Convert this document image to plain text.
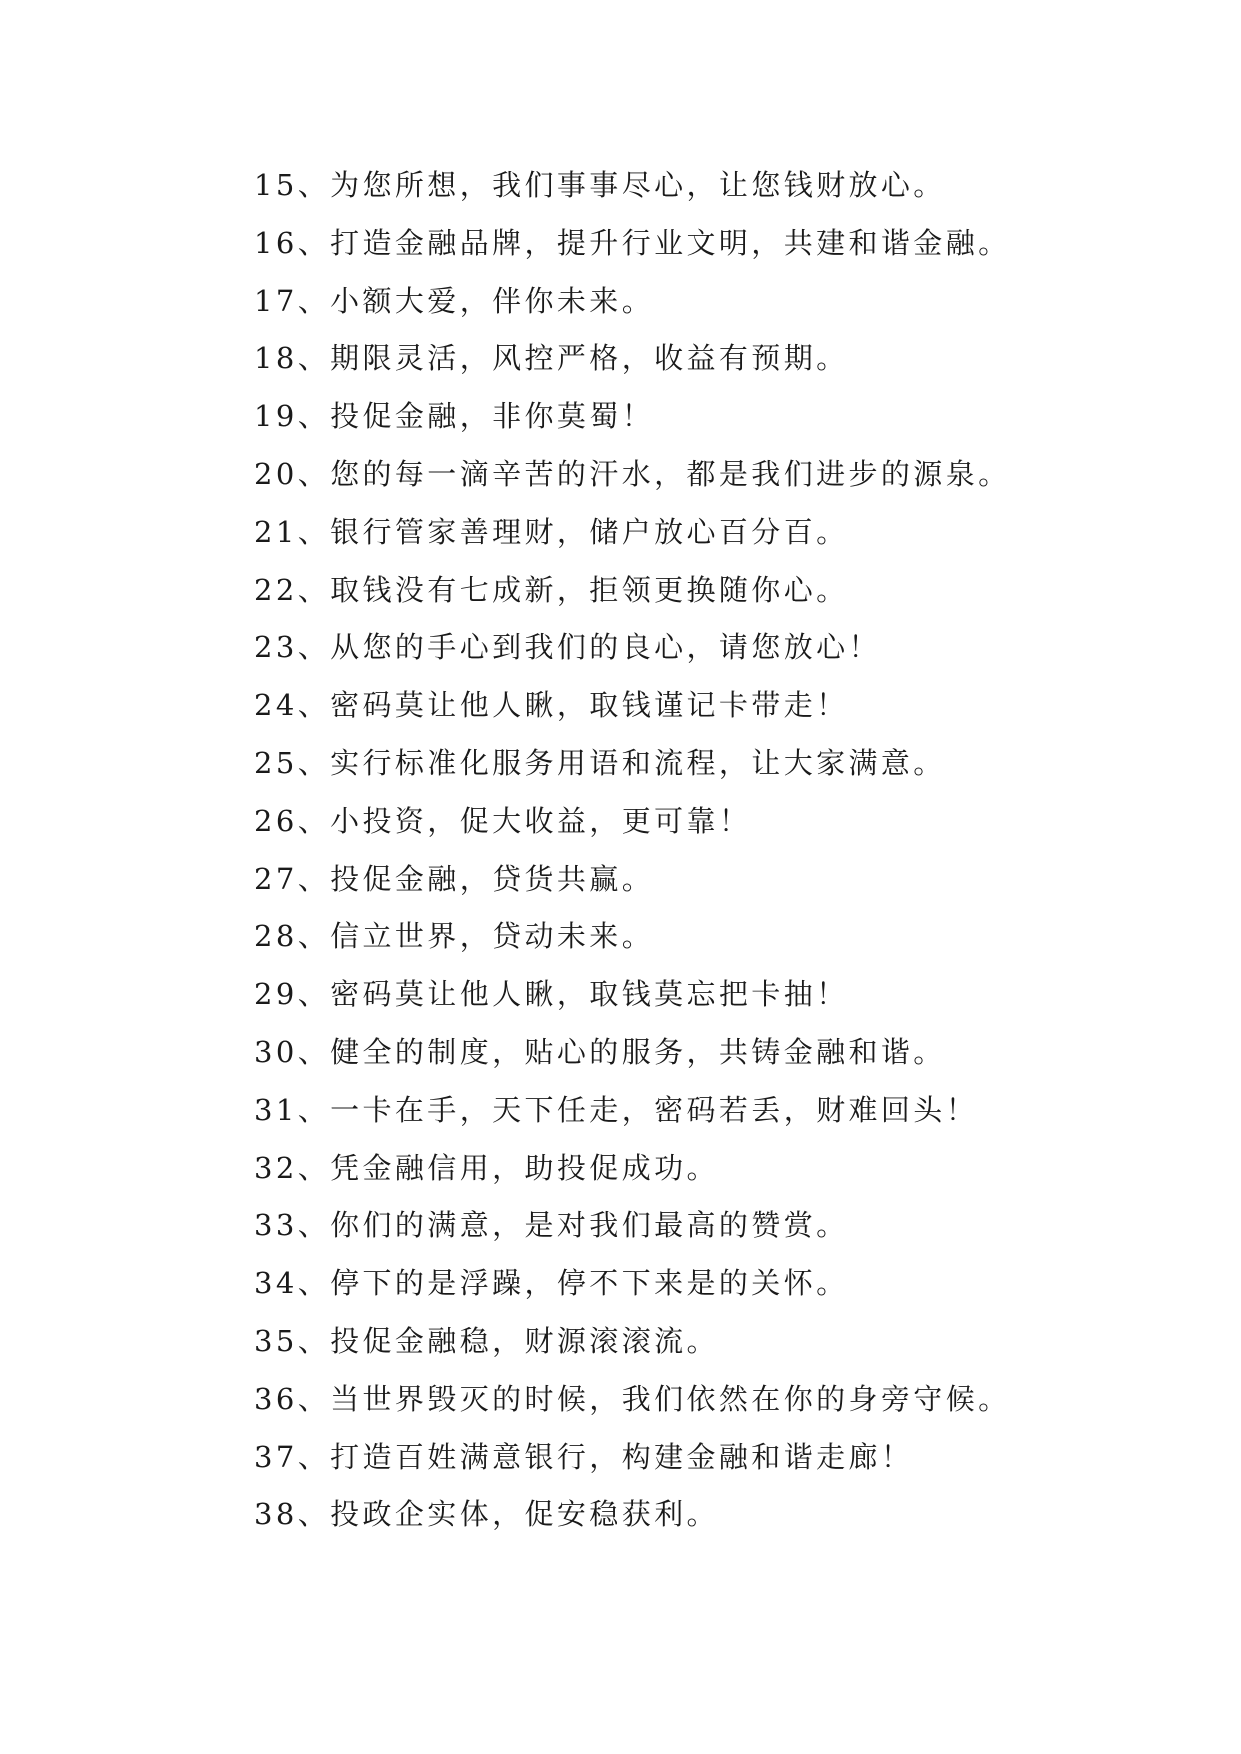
15、为您所想，我们事事尽心，让您钱财放心。
16、打造金融品牌，提升行业文明，共建和谐金融。
17、小额大爱，伴你未来。
18、期限灵活，风控严格，收益有预期。
19、投促金融，非你莫蜀！
20、您的每一滴辛苦的汗水，都是我们进步的源泉。
21、银行管家善理财，储户放心百分百。
22、取钱没有七成新，拒领更换随你心。
23、从您的手心到我们的良心，请您放心！
24、密码莫让他人瞅，取钱谨记卡带走！
25、实行标准化服务用语和流程，让大家满意。
26、小投资，促大收益，更可靠！
27、投促金融，贷货共赢。
28、信立世界，贷动未来。
29、密码莫让他人瞅，取钱莫忘把卡抽！
30、健全的制度，贴心的服务，共铸金融和谐。
31、一卡在手，天下任走，密码若丢，财难回头！
32、凭金融信用，助投促成功。
33、你们的满意，是对我们最高的赞赏。
34、停下的是浮躁，停不下来是的关怀。
35、投促金融稳，财源滚滚流。
36、当世界毁灭的时候，我们依然在你的身旁守候。
37、打造百姓满意银行，构建金融和谐走廊！
38、投政企实体，促安稳获利。
